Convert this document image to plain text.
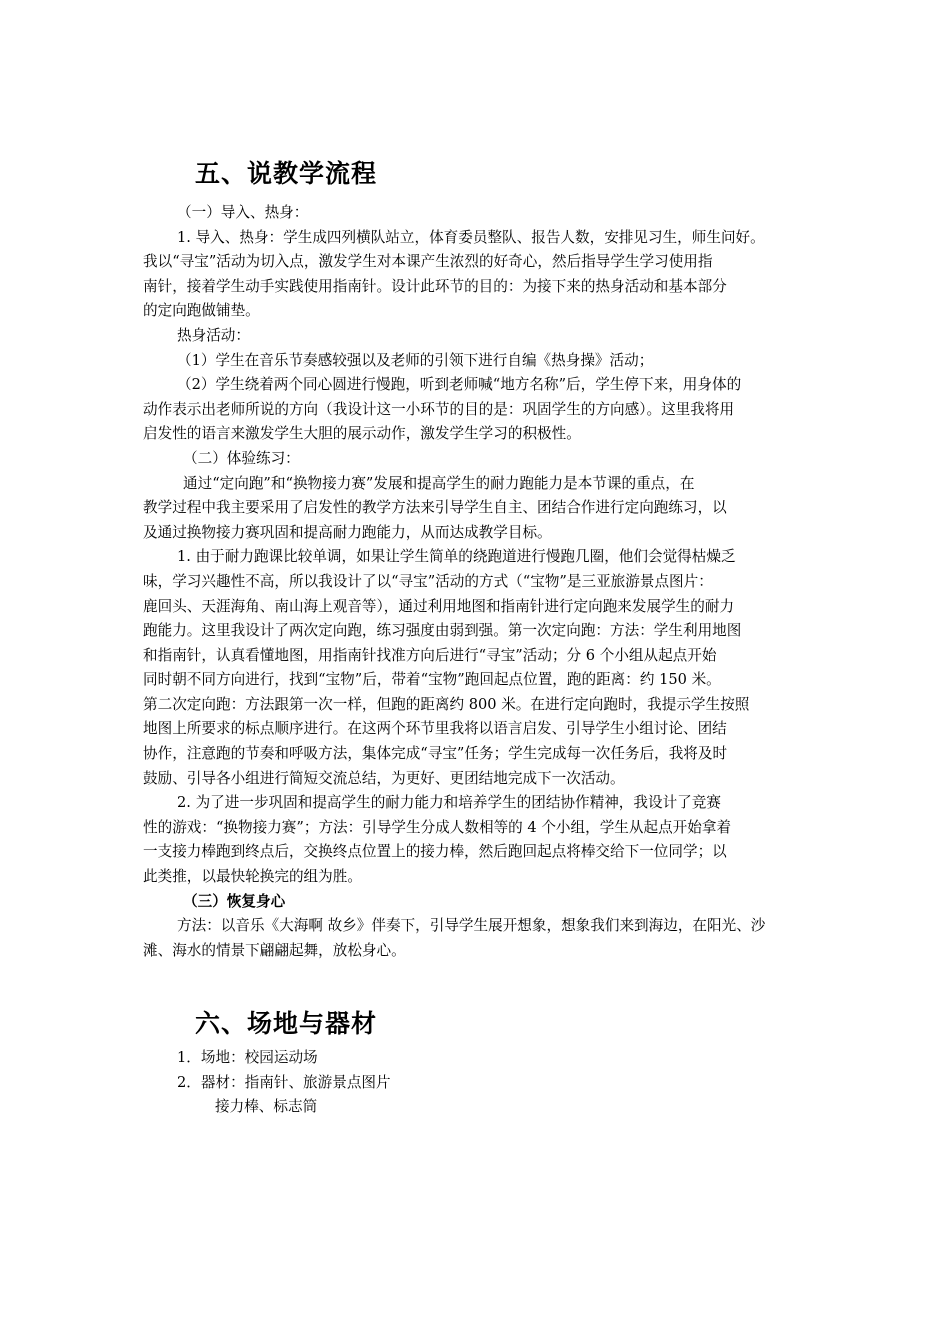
五、说教学流程
（一）导入、热身：
1. 导入、热身：学生成四列横队站立，体育委员整队、报告人数，安排见习生，师生问好。
我以“寻宝”活动为切入点，激发学生对本课产生浓烈的好奇心，然后指导学生学习使用指
南针，接着学生动手实践使用指南针。设计此环节的目的：为接下来的热身活动和基本部分
的定向跑做铺垫。
热身活动：
（1）学生在音乐节奏感较强以及老师的引领下进行自编《热身操》活动；
（2）学生绕着两个同心圆进行慢跑，听到老师喊“地方名称”后，学生停下来，用身体的
动作表示出老师所说的方向（我设计这一小环节的目的是：巩固学生的方向感）。这里我将用
启发性的语言来激发学生大胆的展示动作，激发学生学习的积极性。
（二）体验练习：
通过“定向跑”和“换物接力赛”发展和提高学生的耐力跑能力是本节课的重点，在
教学过程中我主要采用了启发性的教学方法来引导学生自主、团结合作进行定向跑练习，以
及通过换物接力赛巩固和提高耐力跑能力，从而达成教学目标。
1. 由于耐力跑课比较单调，如果让学生简单的绕跑道进行慢跑几圈，他们会觉得枯燥乏
味，学习兴趣性不高，所以我设计了以“寻宝”活动的方式（“宝物”是三亚旅游景点图片：
鹿回头、天涯海角、南山海上观音等），通过利用地图和指南针进行定向跑来发展学生的耐力
跑能力。这里我设计了两次定向跑，练习强度由弱到强。第一次定向跑：方法：学生利用地图
和指南针，认真看懂地图，用指南针找准方向后进行“寻宝”活动；分 6 个小组从起点开始
同时朝不同方向进行，找到“宝物”后，带着“宝物”跑回起点位置，跑的距离：约 150 米。
第二次定向跑：方法跟第一次一样，但跑的距离约 800 米。在进行定向跑时，我提示学生按照
地图上所要求的标点顺序进行。在这两个环节里我将以语言启发、引导学生小组讨论、团结
协作，注意跑的节奏和呼吸方法，集体完成“寻宝”任务；学生完成每一次任务后，我将及时
鼓励、引导各小组进行简短交流总结，为更好、更团结地完成下一次活动。
2. 为了进一步巩固和提高学生的耐力能力和培养学生的团结协作精神，我设计了竞赛
性的游戏：“换物接力赛”；方法：引导学生分成人数相等的 4 个小组，学生从起点开始拿着
一支接力棒跑到终点后，交换终点位置上的接力棒，然后跑回起点将棒交给下一位同学；以
此类推，以最快轮换完的组为胜。
（三）恢复身心
方法：以音乐《大海啊 故乡》伴奏下，引导学生展开想象，想象我们来到海边，在阳光、沙
滩、海水的情景下翩翩起舞，放松身心。
六、场地与器材
1．场地：校园运动场
2．器材：指南针、旅游景点图片
接力棒、标志筒
